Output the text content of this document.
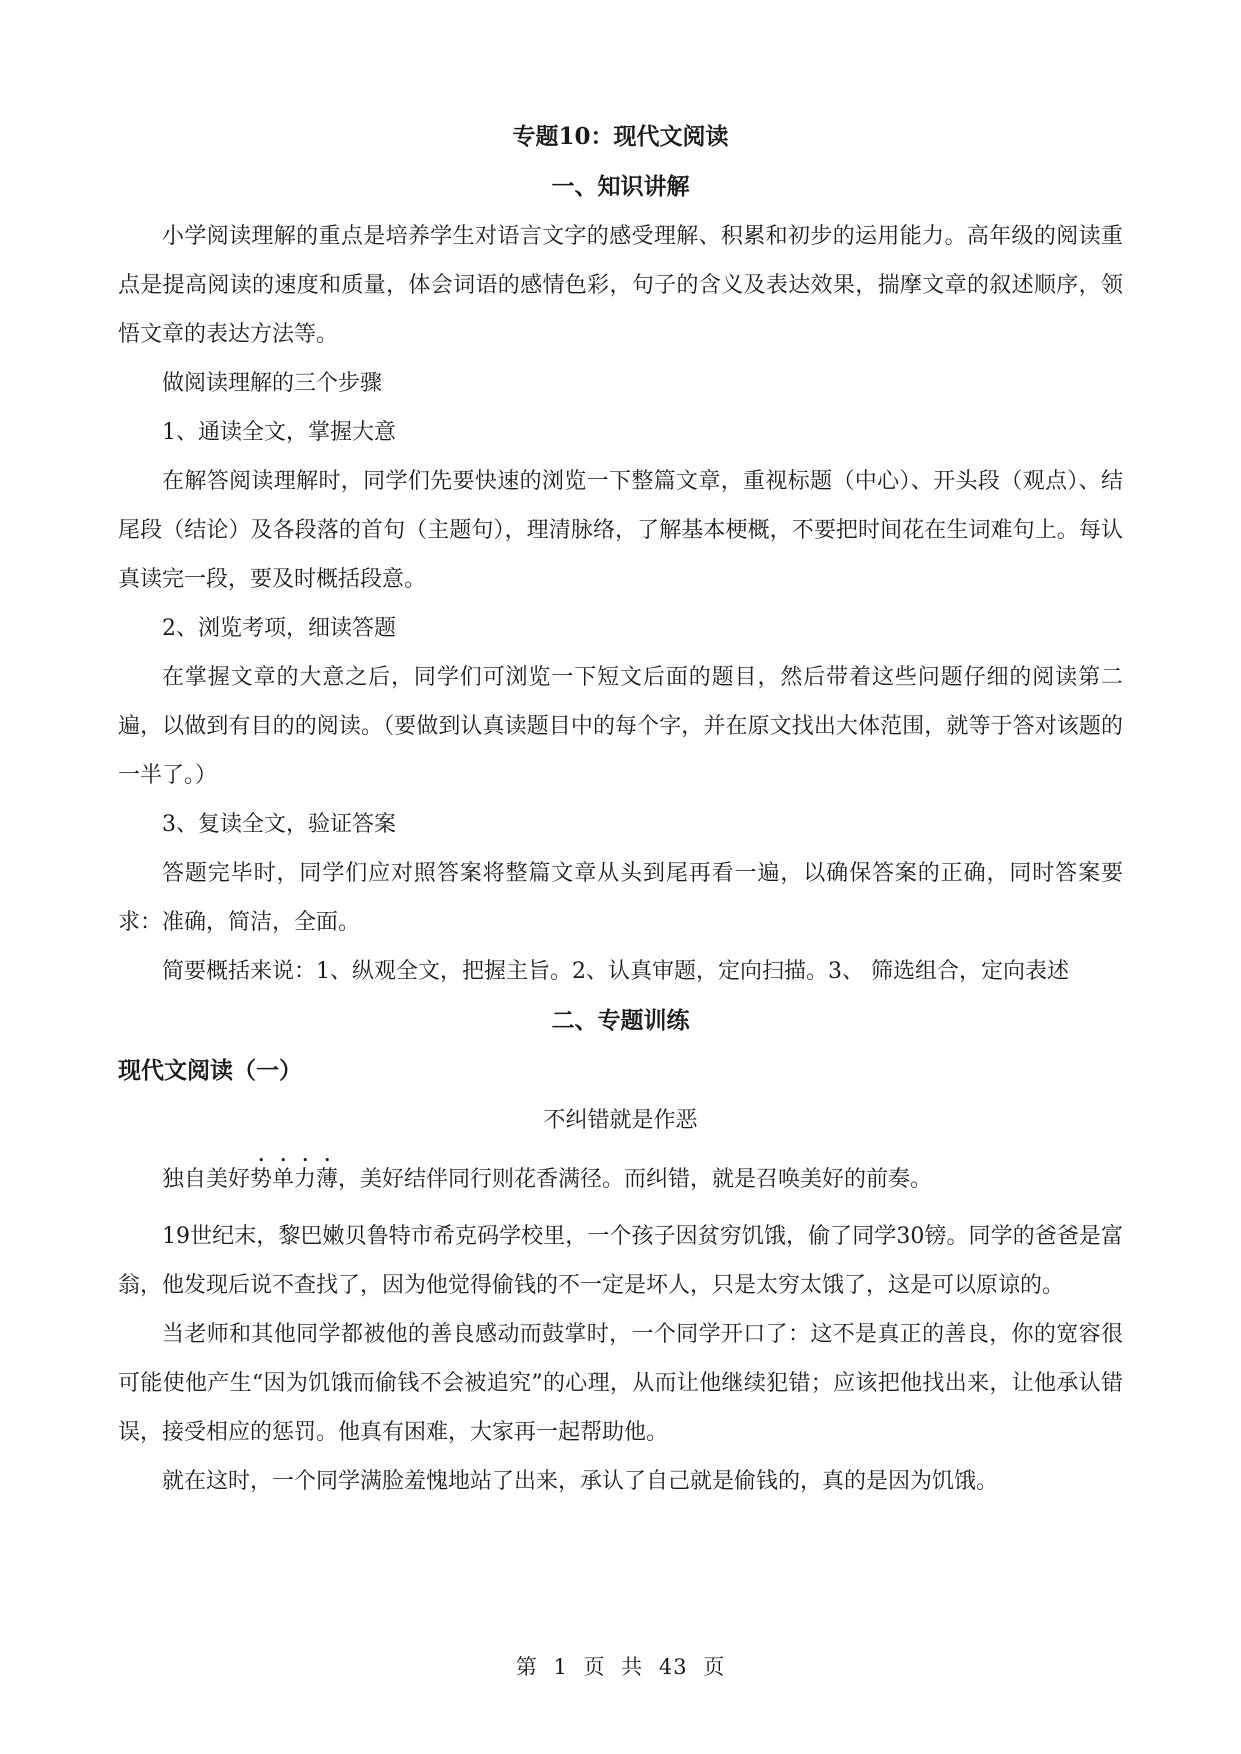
专题10：现代文阅读

一、知识讲解

小学阅读理解的重点是培养学生对语言文字的感受理解、积累和初步的运用能力。高年级的阅读重点是提高阅读的速度和质量，体会词语的感情色彩，句子的含义及表达效果，揣摩文章的叙述顺序，领悟文章的表达方法等。

做阅读理解的三个步骤

1、通读全文，掌握大意

在解答阅读理解时，同学们先要快速的浏览一下整篇文章，重视标题（中心）、开头段（观点）、结尾段（结论）及各段落的首句（主题句），理清脉络，了解基本梗概，不要把时间花在生词难句上。每认真读完一段，要及时概括段意。

2、浏览考项，细读答题

在掌握文章的大意之后，同学们可浏览一下短文后面的题目，然后带着这些问题仔细的阅读第二遍，以做到有目的的阅读。（要做到认真读题目中的每个字，并在原文找出大体范围，就等于答对该题的一半了。）

3、复读全文，验证答案

答题完毕时，同学们应对照答案将整篇文章从头到尾再看一遍，以确保答案的正确，同时答案要求：准确，简洁，全面。

简要概括来说：1、纵观全文，把握主旨。2、认真审题，定向扫描。3、 筛选组合，定向表述

二、专题训练

现代文阅读（一）

不纠错就是作恶

独自美好势单力薄，美好结伴同行则花香满径。而纠错，就是召唤美好的前奏。

19世纪末，黎巴嫩贝鲁特市希克码学校里，一个孩子因贫穷饥饿，偷了同学30镑。同学的爸爸是富翁，他发现后说不查找了，因为他觉得偷钱的不一定是坏人，只是太穷太饿了，这是可以原谅的。

当老师和其他同学都被他的善良感动而鼓掌时，一个同学开口了：这不是真正的善良，你的宽容很可能使他产生“因为饥饿而偷钱不会被追究”的心理，从而让他继续犯错；应该把他找出来，让他承认错误，接受相应的惩罚。他真有困难，大家再一起帮助他。

就在这时，一个同学满脸羞愧地站了出来，承认了自己就是偷钱的，真的是因为饥饿。

第 1 页 共 43 页
